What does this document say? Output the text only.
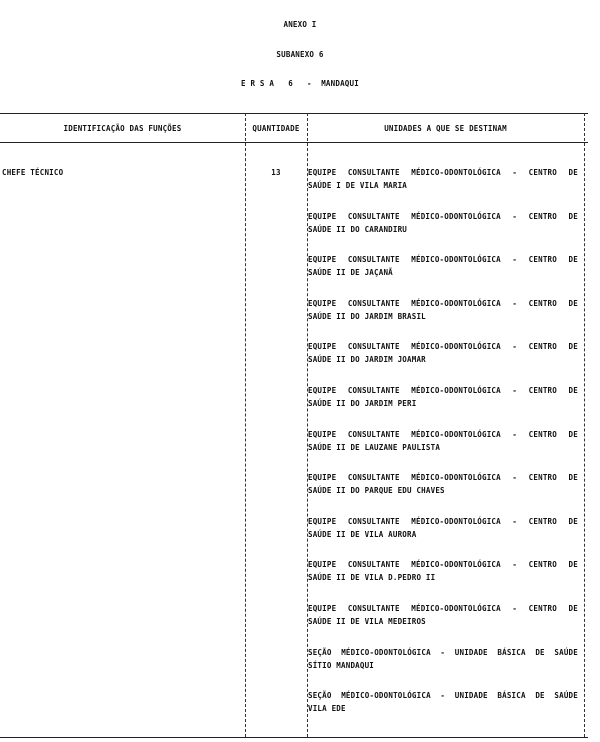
ANEXO I
SUBANEXO 6
E R S A   6   -  MANDAQUI
IDENTIFICAÇÃO DAS FUNÇÕES	QUANTIDADE	UNIDADES A QUE SE DESTINAM
CHEFE TÉCNICO	13	EQUIPE CONSULTANTE MÉDICO-ODONTOLÓGICA - CENTRO DE
SAÚDE I DE VILA MARIA
EQUIPE CONSULTANTE MÉDICO-ODONTOLÓGICA - CENTRO DE
SAÚDE II DO CARANDIRU
EQUIPE CONSULTANTE MÉDICO-ODONTOLÓGICA - CENTRO DE
SAÚDE II DE JAÇANÃ
EQUIPE CONSULTANTE MÉDICO-ODONTOLÓGICA - CENTRO DE
SAÚDE II DO JARDIM BRASIL
EQUIPE CONSULTANTE MÉDICO-ODONTOLÓGICA - CENTRO DE
SAÚDE II DO JARDIM JOAMAR
EQUIPE CONSULTANTE MÉDICO-ODONTOLÓGICA - CENTRO DE
SAÚDE II DO JARDIM PERI
EQUIPE CONSULTANTE MÉDICO-ODONTOLÓGICA - CENTRO DE
SAÚDE II DE LAUZANE PAULISTA
EQUIPE CONSULTANTE MÉDICO-ODONTOLÓGICA - CENTRO DE
SAÚDE II DO PARQUE EDU CHAVES
EQUIPE CONSULTANTE MÉDICO-ODONTOLÓGICA - CENTRO DE
SAÚDE II DE VILA AURORA
EQUIPE CONSULTANTE MÉDICO-ODONTOLÓGICA - CENTRO DE
SAÚDE II DE VILA D.PEDRO II
EQUIPE CONSULTANTE MÉDICO-ODONTOLÓGICA - CENTRO DE
SAÚDE II DE VILA MEDEIROS
SEÇÃO MÉDICO-ODONTOLÓGICA - UNIDADE BÁSICA DE SAÚDE
SÍTIO MANDAQUI
SEÇÃO MÉDICO-ODONTOLÓGICA - UNIDADE BÁSICA DE SAÚDE
VILA EDE
